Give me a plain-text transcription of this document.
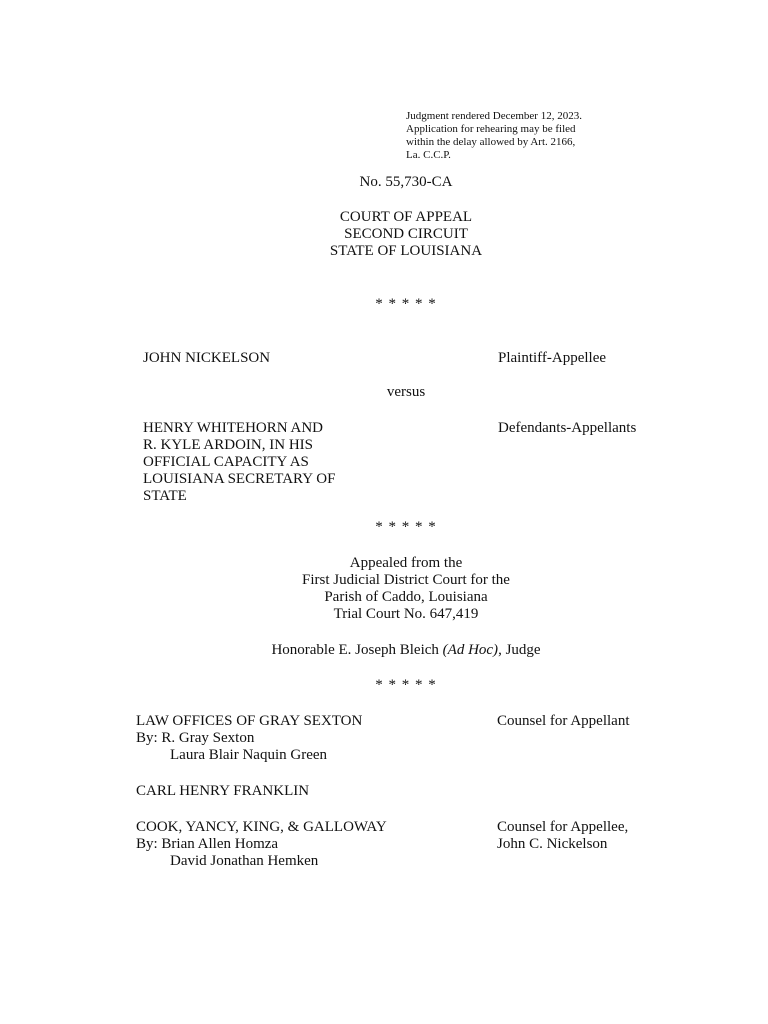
Judgment rendered December 12, 2023.
Application for rehearing may be filed
within the delay allowed by Art. 2166,
La. C.C.P.
No. 55,730-CA
COURT OF APPEAL
SECOND CIRCUIT
STATE OF LOUISIANA
* * * * *
JOHN NICKELSON	Plaintiff-Appellee
versus
HENRY WHITEHORN AND
R. KYLE ARDOIN, IN HIS
OFFICIAL CAPACITY AS
LOUISIANA SECRETARY OF
STATE
Defendants-Appellants
* * * * *
Appealed from the
First Judicial District Court for the
Parish of Caddo, Louisiana
Trial Court No. 647,419
Honorable E. Joseph Bleich (Ad Hoc), Judge
* * * * *
LAW OFFICES OF GRAY SEXTON
By: R. Gray Sexton
Laura Blair Naquin Green
Counsel for Appellant
CARL HENRY FRANKLIN
COOK, YANCY, KING, & GALLOWAY
By: Brian Allen Homza
David Jonathan Hemken
Counsel for Appellee,
John C. Nickelson
